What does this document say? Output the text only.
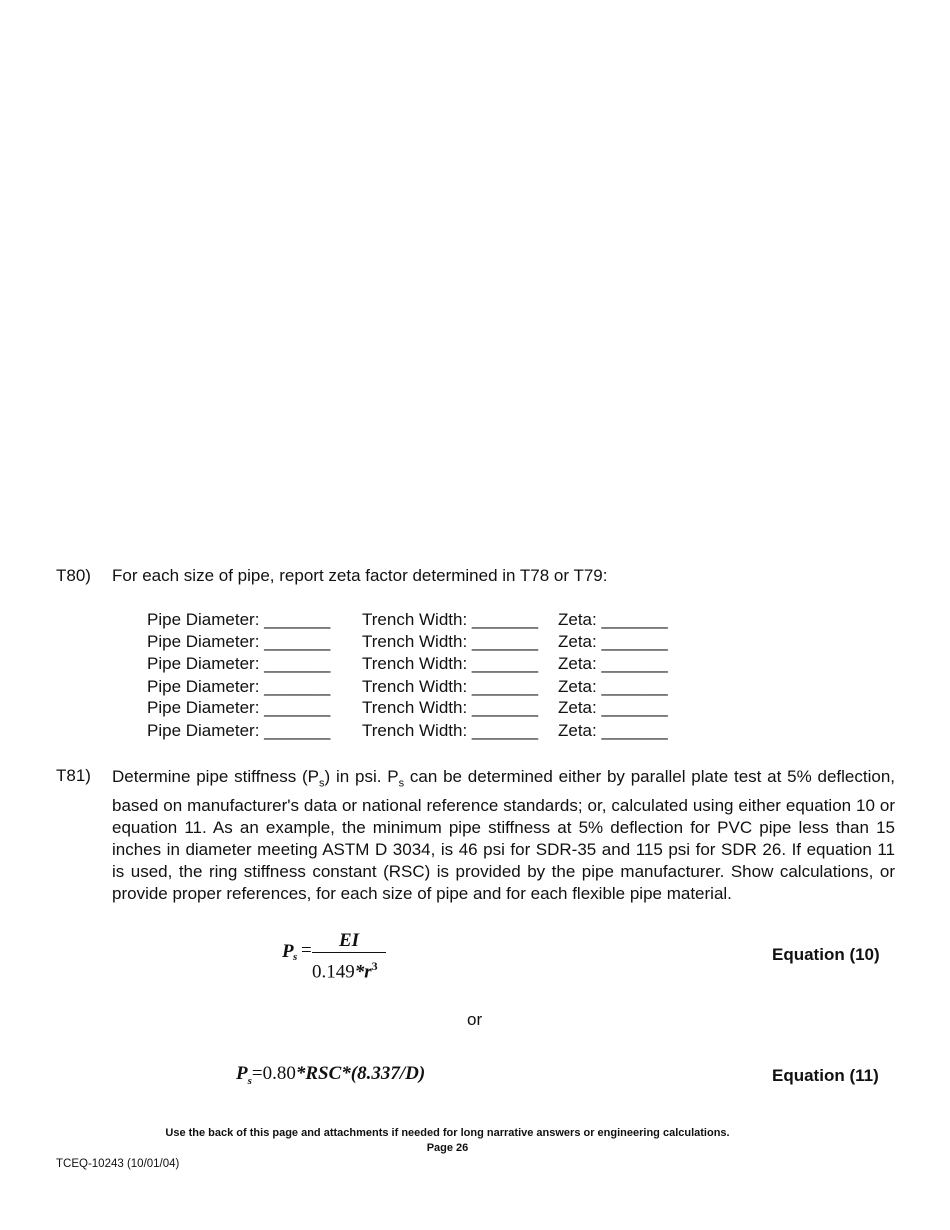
T80) For each size of pipe, report zeta factor determined in T78 or T79:
Pipe Diameter: _______ Trench Width: _______ Zeta: _______
Pipe Diameter: _______ Trench Width: _______ Zeta: _______
Pipe Diameter: _______ Trench Width: _______ Zeta: _______
Pipe Diameter: _______ Trench Width: _______ Zeta: _______
Pipe Diameter: _______ Trench Width: _______ Zeta: _______
Pipe Diameter: _______ Trench Width: _______ Zeta: _______
T81) Determine pipe stiffness $(P_s)$ in psi. $P_s$ can be determined either by parallel plate test at 5% deflection, based on manufacturer's data or national reference standards; or, calculated using either equation 10 or equation 11. As an example, the minimum pipe stiffness at 5% deflection for PVC pipe less than 15 inches in diameter meeting ASTM D 3034, is 46 psi for SDR-35 and 115 psi for SDR 26. If equation 11 is used, the ring stiffness constant (RSC) is provided by the pipe manufacturer. Show calculations, or provide proper references, for each size of pipe and for each flexible pipe material.
P s = EI
$0.149*r^3$
Equation (10)
or
$P_s=0.80*RSC*(8.337/D)$	Equation (11)
Use the back of this page and attachments if needed for long narrative answers or engineering calculations.
Page 26
TCEQ-10243 (10/01/04)
